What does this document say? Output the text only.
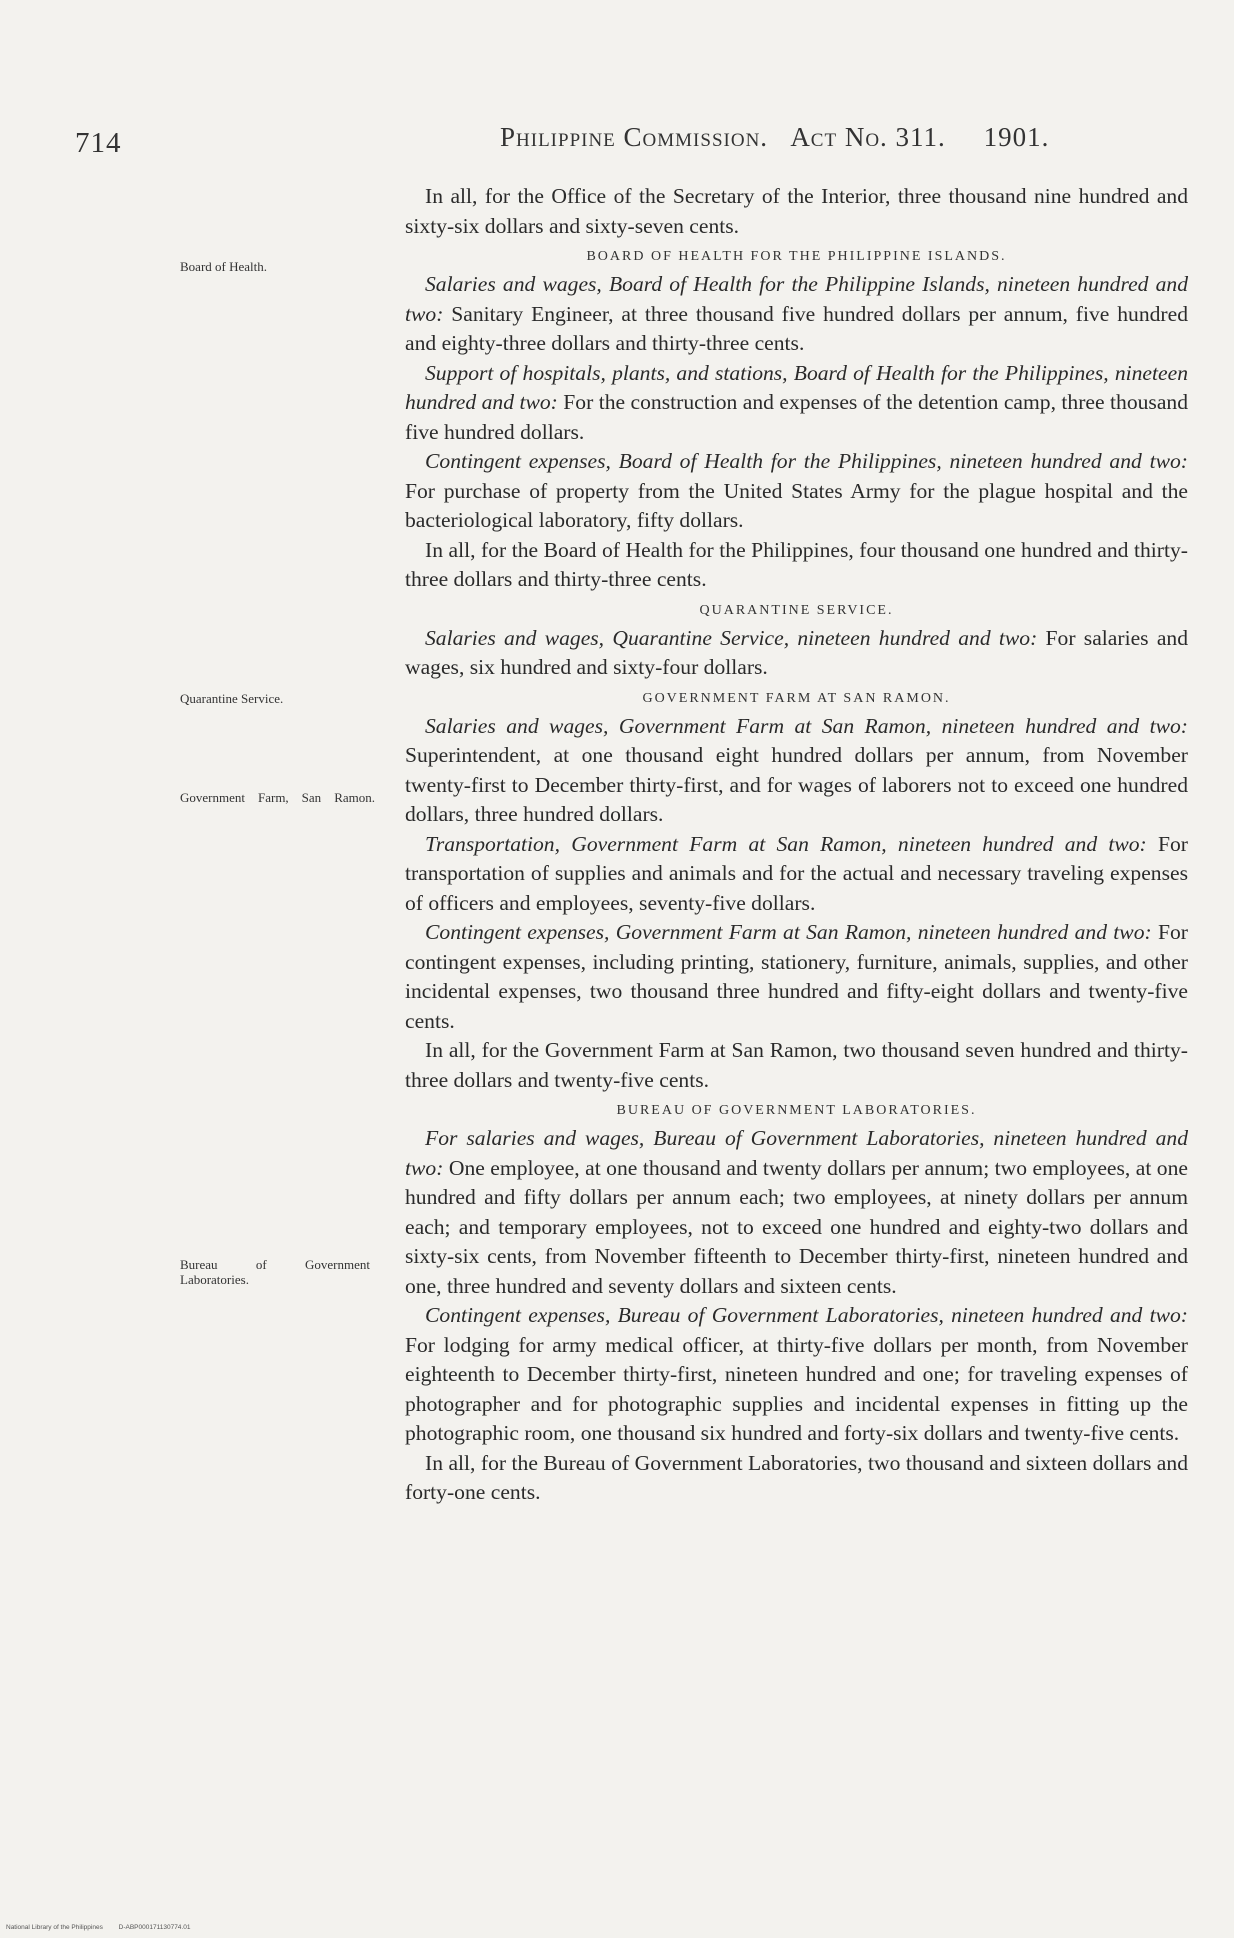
714	Philippine Commission. Act No. 311. 1901.
Board of Health.
Quarantine Service.
Government Farm, San Ramon.
Bureau of Government Laboratories.

In all, for the Office of the Secretary of the Interior, three thousand nine hundred and sixty-six dollars and sixty-seven cents.

BOARD OF HEALTH FOR THE PHILIPPINE ISLANDS.

Salaries and wages, Board of Health for the Philippine Islands, nineteen hundred and two: Sanitary Engineer, at three thousand five hundred dollars per annum, five hundred and eighty-three dollars and thirty-three cents.

Support of hospitals, plants, and stations, Board of Health for the Philippines, nineteen hundred and two: For the construction and expenses of the detention camp, three thousand five hundred dollars.

Contingent expenses, Board of Health for the Philippines, nineteen hundred and two: For purchase of property from the United States Army for the plague hospital and the bacteriological laboratory, fifty dollars.

In all, for the Board of Health for the Philippines, four thousand one hundred and thirty-three dollars and thirty-three cents.

QUARANTINE SERVICE.

Salaries and wages, Quarantine Service, nineteen hundred and two: For salaries and wages, six hundred and sixty-four dollars.

GOVERNMENT FARM AT SAN RAMON.

Salaries and wages, Government Farm at San Ramon, nineteen hundred and two: Superintendent, at one thousand eight hundred dollars per annum, from November twenty-first to December thirty-first, and for wages of laborers not to exceed one hundred dollars, three hundred dollars.

Transportation, Government Farm at San Ramon, nineteen hundred and two: For transportation of supplies and animals and for the actual and necessary traveling expenses of officers and employees, seventy-five dollars.

Contingent expenses, Government Farm at San Ramon, nineteen hundred and two: For contingent expenses, including printing, stationery, furniture, animals, supplies, and other incidental expenses, two thousand three hundred and fifty-eight dollars and twenty-five cents.

In all, for the Government Farm at San Ramon, two thousand seven hundred and thirty-three dollars and twenty-five cents.

BUREAU OF GOVERNMENT LABORATORIES.

For salaries and wages, Bureau of Government Laboratories, nineteen hundred and two: One employee, at one thousand and twenty dollars per annum; two employees, at one hundred and fifty dollars per annum each; two employees, at ninety dollars per annum each; and temporary employees, not to exceed one hundred and eighty-two dollars and sixty-six cents, from November fifteenth to December thirty-first, nineteen hundred and one, three hundred and seventy dollars and sixteen cents.

Contingent expenses, Bureau of Government Laboratories, nineteen hundred and two: For lodging for army medical officer, at thirty-five dollars per month, from November eighteenth to December thirty-first, nineteen hundred and one; for traveling expenses of photographer and for photographic supplies and incidental expenses in fitting up the photographic room, one thousand six hundred and forty-six dollars and twenty-five cents.

In all, for the Bureau of Government Laboratories, two thousand and sixteen dollars and forty-one cents.

National Library of the Philippines D-ABP000171130774.01
